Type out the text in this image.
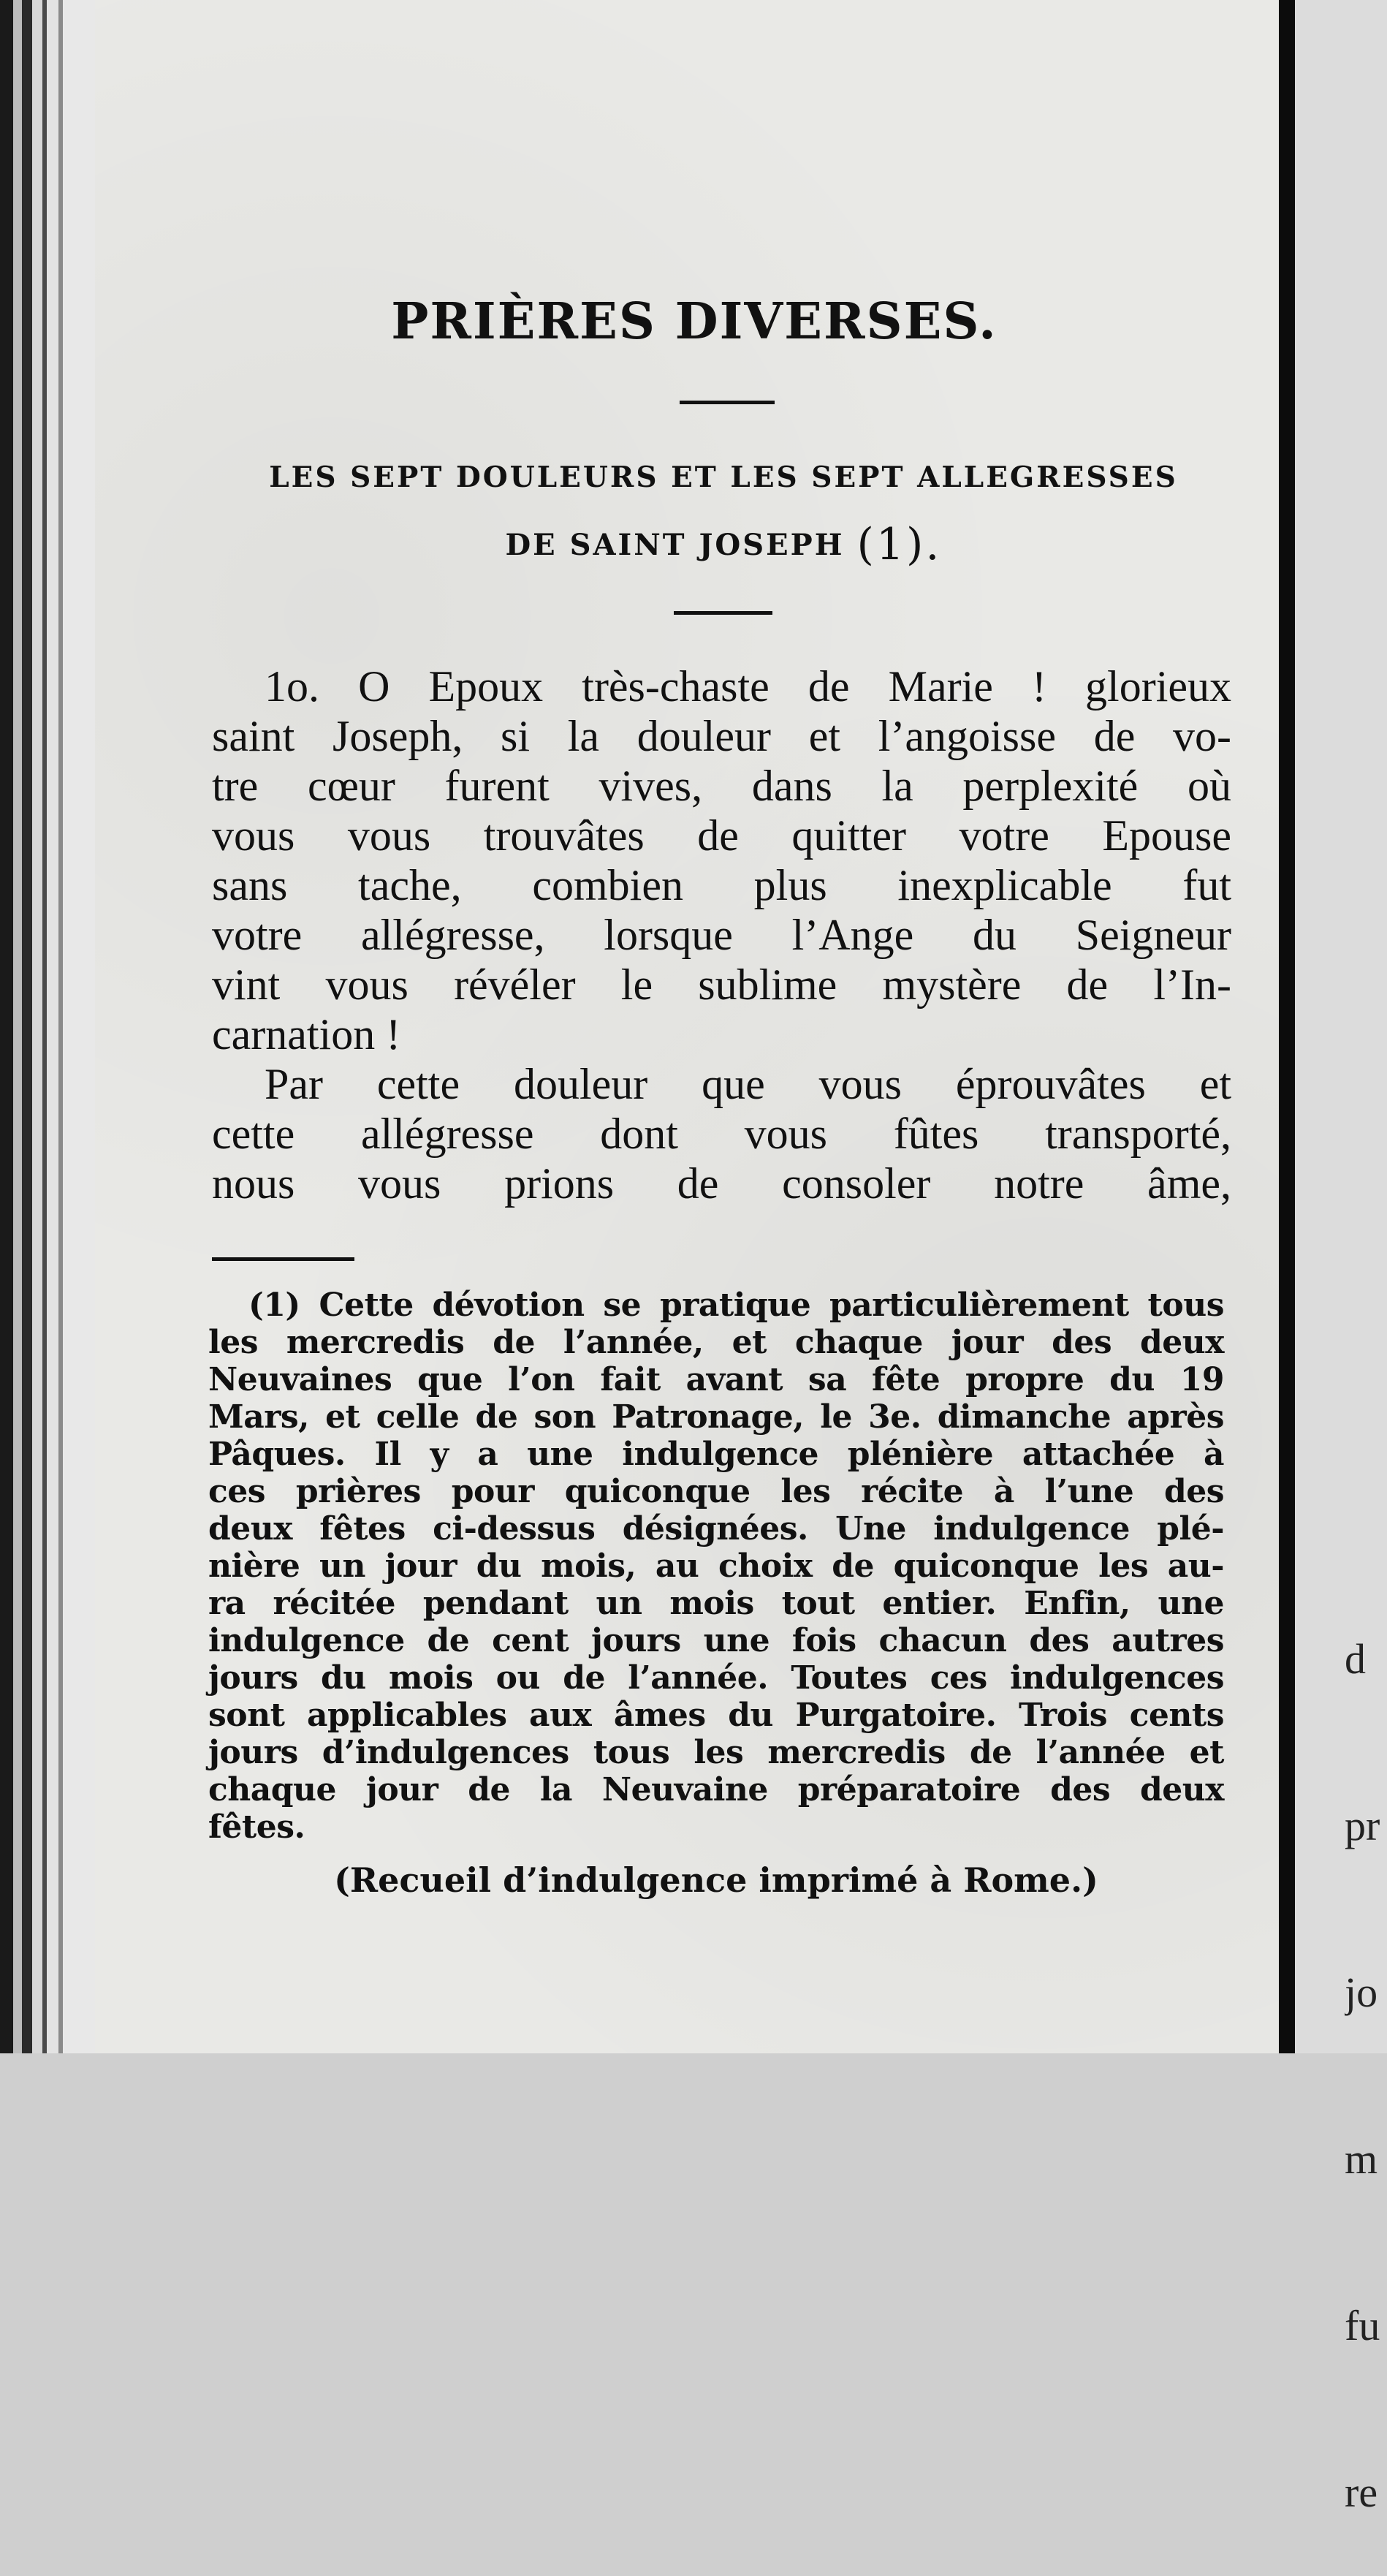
d

pr

jo

m

fu

re

PRIÈRES DIVERSES.
LES SEPT DOULEURS ET LES SEPT ALLEGRESSES
DE SAINT JOSEPH (1).
1o. O Epoux très-chaste de Marie ! glorieux
saint Joseph, si la douleur et l’angoisse de vo-
tre cœur furent vives, dans la perplexité où
vous vous trouvâtes de quitter votre Epouse
sans tache, combien plus inexplicable fut
votre allégresse, lorsque l’Ange du Seigneur
vint vous révéler le sublime mystère de l’In-
carnation !
Par cette douleur que vous éprouvâtes et
cette allégresse dont vous fûtes transporté,
nous vous prions de consoler notre âme,
(1) Cette dévotion se pratique particulièrement tous
les mercredis de l’année, et chaque jour des deux
Neuvaines que l’on fait avant sa fête propre du 19
Mars, et celle de son Patronage, le 3e. dimanche après
Pâques. Il y a une indulgence plénière attachée à
ces prières pour quiconque les récite à l’une des
deux fêtes ci-dessus désignées. Une indulgence plé-
nière un jour du mois, au choix de quiconque les au-
ra récitée pendant un mois tout entier. Enfin, une
indulgence de cent jours une fois chacun des autres
jours du mois ou de l’année. Toutes ces indulgences
sont applicables aux âmes du Purgatoire. Trois cents
jours d’indulgences tous les mercredis de l’année et
chaque jour de la Neuvaine préparatoire des deux
fêtes.
(Recueil d’indulgence imprimé à Rome.)
